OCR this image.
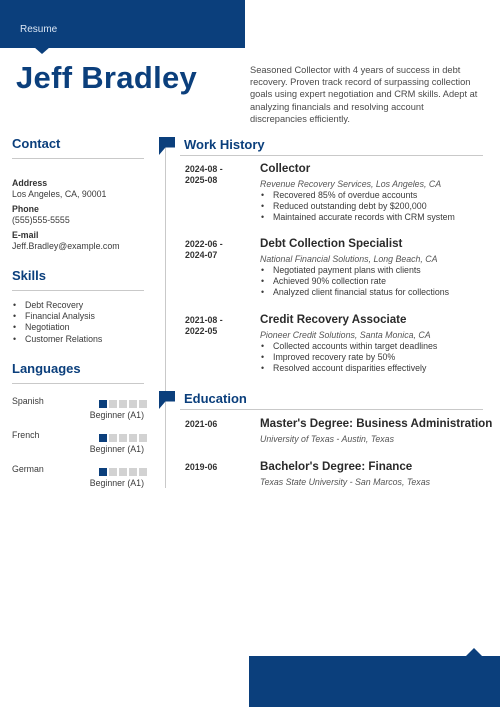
Resume
Jeff Bradley	Seasoned Collector with 4 years of success in debt recovery. Proven track record of surpassing collection goals using expert negotiation and CRM skills. Adept at analyzing financials and resolving account discrepancies efficiently.
Contact
Address
Los Angeles, CA, 90001
Phone
(555)555-5555
E-mail
Jeff.Bradley@example.com
Skills
• Debt Recovery
• Financial Analysis
• Negotiation
• Customer Relations
Languages
Spanish
Beginner (A1)
French
Beginner (A1)
German
Beginner (A1)
Work History
2024-08 -
2025-08
Collector
Revenue Recovery Services, Los Angeles, CA
• Recovered 85% of overdue accounts
• Reduced outstanding debt by $200,000
• Maintained accurate records with CRM system
2022-06 -
2024-07
Debt Collection Specialist
National Financial Solutions, Long Beach, CA
• Negotiated payment plans with clients
• Achieved 90% collection rate
• Analyzed client financial status for collections
2021-08 -
2022-05
Credit Recovery Associate
Pioneer Credit Solutions, Santa Monica, CA
• Collected accounts within target deadlines
• Improved recovery rate by 50%
• Resolved account disparities effectively
Education
2021-06	Master's Degree: Business Administration
University of Texas - Austin, Texas
2019-06	Bachelor's Degree: Finance
Texas State University - San Marcos, Texas
